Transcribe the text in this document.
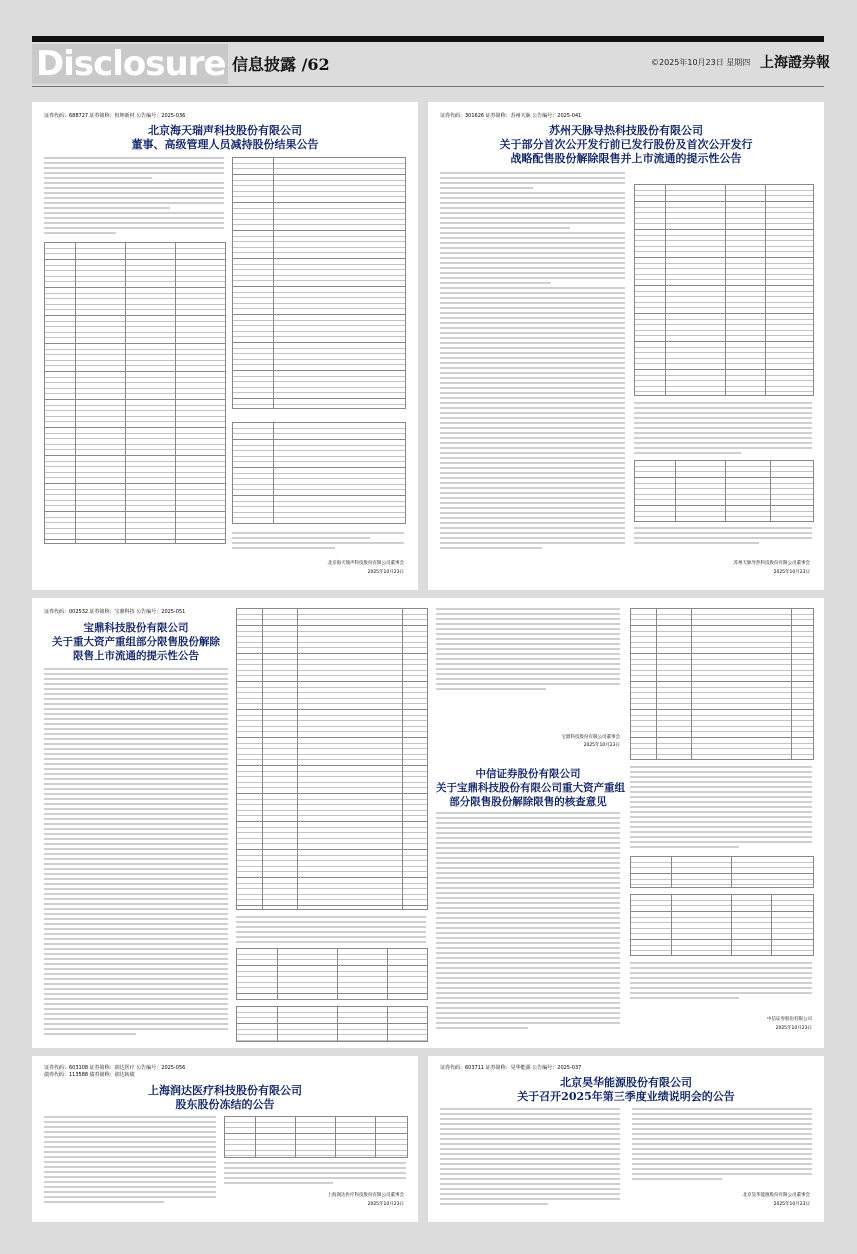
Disclosure 信息披露 /62	©2025年10月23日 星期四 上海證券報
证券代码：688727 证券简称：恒坤新材 公告编号：2025-036
北京海天瑞声科技股份有限公司
董事、高级管理人员减持股份结果公告
北京海天瑞声科技股份有限公司董事会
2025年10月23日
证券代码：301626 证券简称：苏州天脉 公告编号：2025-041
苏州天脉导热科技股份有限公司
关于部分首次公开发行前已发行股份及首次公开发行
战略配售股份解除限售并上市流通的提示性公告
苏州天脉导热科技股份有限公司董事会
2025年10月23日
证券代码：002532 证券简称：宝鼎科技 公告编号：2025-051
宝鼎科技股份有限公司
关于重大资产重组部分限售股份解除
限售上市流通的提示性公告
宝鼎科技股份有限公司董事会
2025年10月23日
中信证券股份有限公司
关于宝鼎科技股份有限公司重大资产重组
部分限售股份解除限售的核查意见
中信证券股份有限公司
2025年10月23日
证券代码：603108 证券简称：润达医疗 公告编号：2025-056
债券代码：113588 债券简称：润达转债
上海润达医疗科技股份有限公司
股东股份冻结的公告
上海润达医疗科技股份有限公司董事会
2025年10月23日
证券代码：603711 证券简称：昊华能源 公告编号：2025-037
北京昊华能源股份有限公司
关于召开2025年第三季度业绩说明会的公告
北京昊华能源股份有限公司董事会
2025年10月23日
